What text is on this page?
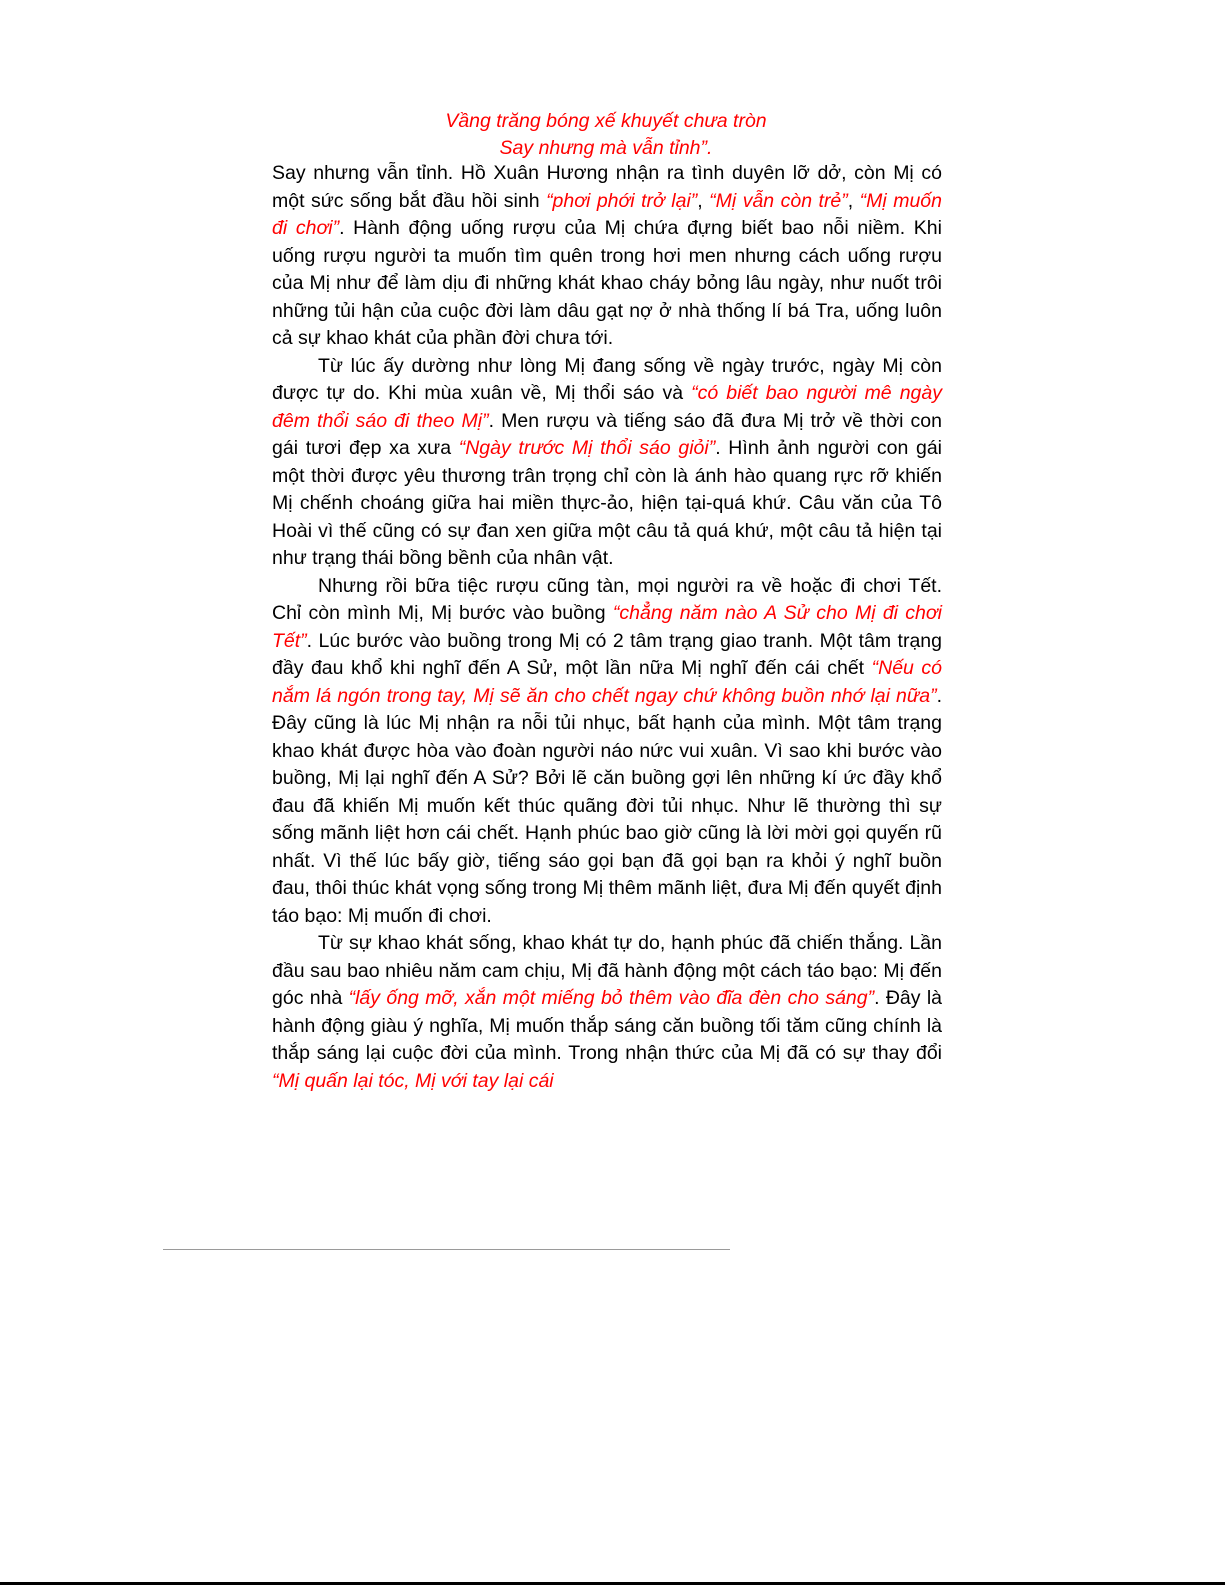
Vầng trăng bóng xế khuyết chưa tròn
Say nhưng mà vẫn tỉnh”.

Say nhưng vẫn tỉnh. Hồ Xuân Hương nhận ra tình duyên lỡ dở, còn Mị có một sức sống bắt đầu hồi sinh “phơi phới trở lại”, “Mị vẫn còn trẻ”, “Mị muốn đi chơi”. Hành động uống rượu của Mị chứa đựng biết bao nỗi niềm. Khi uống rượu người ta muốn tìm quên trong hơi men nhưng cách uống rượu của Mị như để làm dịu đi những khát khao cháy bỏng lâu ngày, như nuốt trôi những tủi hận của cuộc đời làm dâu gạt nợ ở nhà thống lí bá Tra, uống luôn cả sự khao khát của phần đời chưa tới.

Từ lúc ấy dường như lòng Mị đang sống về ngày trước, ngày Mị còn được tự do. Khi mùa xuân về, Mị thổi sáo và “có biết bao người mê ngày đêm thổi sáo đi theo Mị”. Men rượu và tiếng sáo đã đưa Mị trở về thời con gái tươi đẹp xa xưa “Ngày trước Mị thổi sáo giỏi”. Hình ảnh người con gái một thời được yêu thương trân trọng chỉ còn là ánh hào quang rực rỡ khiến Mị chếnh choáng giữa hai miền thực-ảo, hiện tại-quá khứ. Câu văn của Tô Hoài vì thế cũng có sự đan xen giữa một câu tả quá khứ, một câu tả hiện tại như trạng thái bồng bềnh của nhân vật.

Nhưng rồi bữa tiệc rượu cũng tàn, mọi người ra về hoặc đi chơi Tết. Chỉ còn mình Mị, Mị bước vào buồng “chẳng năm nào A Sử cho Mị đi chơi Tết”. Lúc bước vào buồng trong Mị có 2 tâm trạng giao tranh. Một tâm trạng đầy đau khổ khi nghĩ đến A Sử, một lần nữa Mị nghĩ đến cái chết “Nếu có nắm lá ngón trong tay, Mị sẽ ăn cho chết ngay chứ không buồn nhớ lại nữa”. Đây cũng là lúc Mị nhận ra nỗi tủi nhục, bất hạnh của mình. Một tâm trạng khao khát được hòa vào đoàn người náo nức vui xuân. Vì sao khi bước vào buồng, Mị lại nghĩ đến A Sử? Bởi lẽ căn buồng gợi lên những kí ức đầy khổ đau đã khiến Mị muốn kết thúc quãng đời tủi nhục. Như lẽ thường thì sự sống mãnh liệt hơn cái chết. Hạnh phúc bao giờ cũng là lời mời gọi quyến rũ nhất. Vì thế lúc bấy giờ, tiếng sáo gọi bạn đã gọi bạn ra khỏi ý nghĩ buồn đau, thôi thúc khát vọng sống trong Mị thêm mãnh liệt, đưa Mị đến quyết định táo bạo: Mị muốn đi chơi.

Từ sự khao khát sống, khao khát tự do, hạnh phúc đã chiến thắng. Lần đầu sau bao nhiêu năm cam chịu, Mị đã hành động một cách táo bạo: Mị đến góc nhà “lấy ống mỡ, xắn một miếng bỏ thêm vào đĩa đèn cho sáng”. Đây là hành động giàu ý nghĩa, Mị muốn thắp sáng căn buồng tối tăm cũng chính là thắp sáng lại cuộc đời của mình. Trong nhận thức của Mị đã có sự thay đổi “Mị quấn lại tóc, Mị với tay lại cái
